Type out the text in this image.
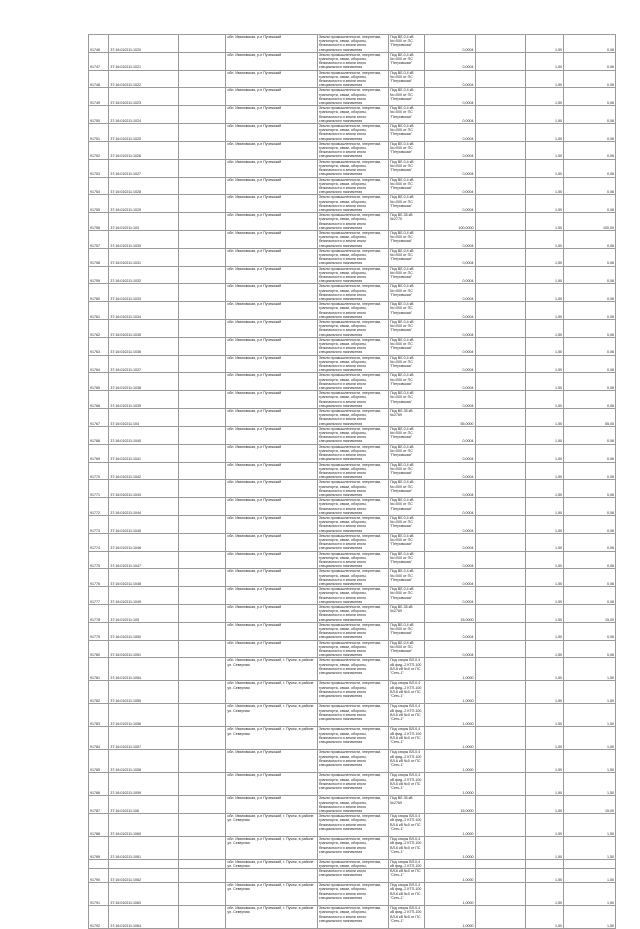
91746	37:16:010211:1020		обл. Ивановская, р-н Пучежский	Земли промышленности, энергетики, транспорта, связи, обороны, безопасности и земли иного специального назначения	Под ВЛ-0,4 кВ №=000 от ПС "Петровская"	0,0004		1,50	0,06
91747	37:16:010211:1021		обл. Ивановская, р-н Пучежский	Земли промышленности, энергетики, транспорта, связи, обороны, безопасности и земли иного специального назначения	Под ВЛ-0,4 кВ №=000 от ПС "Петровская"	0,0004		1,50	0,06
91748	37:16:010211:1022		обл. Ивановская, р-н Пучежский	Земли промышленности, энергетики, транспорта, связи, обороны, безопасности и земли иного специального назначения	Под ВЛ-0,4 кВ №=000 от ПС "Петровская"	0,0004		1,50	0,06
91749	37:16:010211:1023		обл. Ивановская, р-н Пучежский	Земли промышленности, энергетики, транспорта, связи, обороны, безопасности и земли иного специального назначения	Под ВЛ-0,4 кВ №=000 от ПС "Петровская"	0,0004		1,50	0,06
91750	37:16:010211:1024		обл. Ивановская, р-н Пучежский	Земли промышленности, энергетики, транспорта, связи, обороны, безопасности и земли иного специального назначения	Под ВЛ-0,4 кВ №=000 от ПС "Петровская"	0,0004		1,50	0,06
91751	37:16:010211:1025		обл. Ивановская, р-н Пучежский	Земли промышленности, энергетики, транспорта, связи, обороны, безопасности и земли иного специального назначения	Под ВЛ-0,4 кВ №=000 от ПС "Петровская"	0,0004		1,50	0,06
91752	37:16:010211:1026		обл. Ивановская, р-н Пучежский	Земли промышленности, энергетики, транспорта, связи, обороны, безопасности и земли иного специального назначения	Под ВЛ-0,4 кВ №=000 от ПС "Петровская"	0,0004		1,50	0,06
91753	37:16:010211:1027		обл. Ивановская, р-н Пучежский	Земли промышленности, энергетики, транспорта, связи, обороны, безопасности и земли иного специального назначения	Под ВЛ-0,4 кВ №=000 от ПС "Петровская"	0,0004		1,50	0,06
91754	37:16:010211:1028		обл. Ивановская, р-н Пучежский	Земли промышленности, энергетики, транспорта, связи, обороны, безопасности и земли иного специального назначения	Под ВЛ-0,4 кВ №=000 от ПС "Петровская"	0,0004		1,50	0,06
91755	37:16:010211:1029		обл. Ивановская, р-н Пучежский	Земли промышленности, энергетики, транспорта, связи, обороны, безопасности и земли иного специального назначения	Под ВЛ-0,4 кВ №=000 от ПС "Петровская"	0,0004		1,50	0,06
91756	37:16:010211:103		обл. Ивановская, р-н Пучежский	Земли промышленности, энергетики, транспорта, связи, обороны, безопасности и земли иного специального назначения	Под ВЛ-35 кВ №2770	100,0000		1,50	100,00
91757	37:16:010211:1030		обл. Ивановская, р-н Пучежский	Земли промышленности, энергетики, транспорта, связи, обороны, безопасности и земли иного специального назначения	Под ВЛ-0,4 кВ №=000 от ПС "Петровская"	0,0004		1,50	0,06
91758	37:16:010211:1031		обл. Ивановская, р-н Пучежский	Земли промышленности, энергетики, транспорта, связи, обороны, безопасности и земли иного специального назначения	Под ВЛ-0,4 кВ №=000 от ПС "Петровская"	0,0004		1,50	0,06
91759	37:16:010211:1032		обл. Ивановская, р-н Пучежский	Земли промышленности, энергетики, транспорта, связи, обороны, безопасности и земли иного специального назначения	Под ВЛ-0,4 кВ №=000 от ПС "Петровская"	0,0004		1,50	0,06
91760	37:16:010211:1033		обл. Ивановская, р-н Пучежский	Земли промышленности, энергетики, транспорта, связи, обороны, безопасности и земли иного специального назначения	Под ВЛ-0,4 кВ №=000 от ПС "Петровская"	0,0004		1,50	0,06
91761	37:16:010211:1034		обл. Ивановская, р-н Пучежский	Земли промышленности, энергетики, транспорта, связи, обороны, безопасности и земли иного специального назначения	Под ВЛ-0,4 кВ №=000 от ПС "Петровская"	0,0004		1,50	0,06
91762	37:16:010211:1035		обл. Ивановская, р-н Пучежский	Земли промышленности, энергетики, транспорта, связи, обороны, безопасности и земли иного специального назначения	Под ВЛ-0,4 кВ №=000 от ПС "Петровская"	0,0004		1,50	0,06
91763	37:16:010211:1036		обл. Ивановская, р-н Пучежский	Земли промышленности, энергетики, транспорта, связи, обороны, безопасности и земли иного специального назначения	Под ВЛ-0,4 кВ №=000 от ПС "Петровская"	0,0004		1,50	0,06
91764	37:16:010211:1037		обл. Ивановская, р-н Пучежский	Земли промышленности, энергетики, транспорта, связи, обороны, безопасности и земли иного специального назначения	Под ВЛ-0,4 кВ №=000 от ПС "Петровская"	0,0004		1,50	0,06
91765	37:16:010211:1038		обл. Ивановская, р-н Пучежский	Земли промышленности, энергетики, транспорта, связи, обороны, безопасности и земли иного специального назначения	Под ВЛ-0,4 кВ №=000 от ПС "Петровская"	0,0004		1,50	0,06
91766	37:16:010211:1039		обл. Ивановская, р-н Пучежский	Земли промышленности, энергетики, транспорта, связи, обороны, безопасности и земли иного специального назначения	Под ВЛ-0,4 кВ №=000 от ПС "Петровская"	0,0004		1,50	0,06
91767	37:16:010211:104		обл. Ивановская, р-н Пучежский	Земли промышленности, энергетики, транспорта, связи, обороны, безопасности и земли иного специального назначения	Под ВЛ-35 кВ №2769	55,0000		1,50	55,00
91768	37:16:010211:1040		обл. Ивановская, р-н Пучежский	Земли промышленности, энергетики, транспорта, связи, обороны, безопасности и земли иного специального назначения	Под ВЛ-0,4 кВ №=000 от ПС "Петровская"	0,0004		1,50	0,06
91769	37:16:010211:1041		обл. Ивановская, р-н Пучежский	Земли промышленности, энергетики, транспорта, связи, обороны, безопасности и земли иного специального назначения	Под ВЛ-0,4 кВ №=000 от ПС "Петровская"	0,0004		1,50	0,06
91770	37:16:010211:1042		обл. Ивановская, р-н Пучежский	Земли промышленности, энергетики, транспорта, связи, обороны, безопасности и земли иного специального назначения	Под ВЛ-0,4 кВ №=000 от ПС "Петровская"	0,0004		1,50	0,06
91771	37:16:010211:1043		обл. Ивановская, р-н Пучежский	Земли промышленности, энергетики, транспорта, связи, обороны, безопасности и земли иного специального назначения	Под ВЛ-0,4 кВ №=000 от ПС "Петровская"	0,0004		1,50	0,06
91772	37:16:010211:1044		обл. Ивановская, р-н Пучежский	Земли промышленности, энергетики, транспорта, связи, обороны, безопасности и земли иного специального назначения	Под ВЛ-0,4 кВ №=000 от ПС "Петровская"	0,0004		1,50	0,06
91773	37:16:010211:1045		обл. Ивановская, р-н Пучежский	Земли промышленности, энергетики, транспорта, связи, обороны, безопасности и земли иного специального назначения	Под ВЛ-0,4 кВ №=000 от ПС "Петровская"	0,0004		1,50	0,06
91774	37:16:010211:1046		обл. Ивановская, р-н Пучежский	Земли промышленности, энергетики, транспорта, связи, обороны, безопасности и земли иного специального назначения	Под ВЛ-0,4 кВ №=000 от ПС "Петровская"	0,0004		1,50	0,06
91775	37:16:010211:1047		обл. Ивановская, р-н Пучежский	Земли промышленности, энергетики, транспорта, связи, обороны, безопасности и земли иного специального назначения	Под ВЛ-0,4 кВ №=000 от ПС "Петровская"	0,0004		1,50	0,06
91776	37:16:010211:1048		обл. Ивановская, р-н Пучежский	Земли промышленности, энергетики, транспорта, связи, обороны, безопасности и земли иного специального назначения	Под ВЛ-0,4 кВ №=000 от ПС "Петровская"	0,0004		1,50	0,06
91777	37:16:010211:1049		обл. Ивановская, р-н Пучежский	Земли промышленности, энергетики, транспорта, связи, обороны, безопасности и земли иного специального назначения	Под ВЛ-0,4 кВ №=000 от ПС "Петровская"	0,0004		1,50	0,06
91778	37:16:010211:105		обл. Ивановская, р-н Пучежский	Земли промышленности, энергетики, транспорта, связи, обороны, безопасности и земли иного специального назначения	Под ВЛ-35 кВ №2769	15,0000		1,50	15,00
91779	37:16:010211:1050		обл. Ивановская, р-н Пучежский	Земли промышленности, энергетики, транспорта, связи, обороны, безопасности и земли иного специального назначения	Под ВЛ-0,4 кВ №=000 от ПС "Петровская"	0,0004		1,50	0,06
91780	37:16:010211:1051		обл. Ивановская, р-н Пучежский	Земли промышленности, энергетики, транспорта, связи, обороны, безопасности и земли иного специального назначения	Под ВЛ-0,4 кВ №=000 от ПС "Петровская"	0,0004		1,50	0,06
91781	37:16:010211:1054		обл. Ивановская, р-н Пучежский, г. Пучеж, в районе ул. Северная	Земли промышленности, энергетики, транспорта, связи, обороны, безопасности и земли иного специального назначения	Под опоры ВЛ-0,4 кВ фид.-2 КТП-100 ВЛ-6 кВ №0 от ПС "Сеть-1"	1,0000		1,50	1,50
91782	37:16:010211:1055		обл. Ивановская, р-н Пучежский, г. Пучеж, в районе ул. Северная	Земли промышленности, энергетики, транспорта, связи, обороны, безопасности и земли иного специального назначения	Под опоры ВЛ-0,4 кВ фид.-2 КТП-100 ВЛ-6 кВ №0 от ПС "Сеть-1"	1,0000		1,50	1,50
91783	37:16:010211:1056		обл. Ивановская, р-н Пучежский, г. Пучеж, в районе ул. Северная	Земли промышленности, энергетики, транспорта, связи, обороны, безопасности и земли иного специального назначения	Под опоры ВЛ-0,4 кВ фид.-2 КТП-100 ВЛ-6 кВ №0 от ПС "Сеть-1"	1,0000		1,50	1,50
91784	37:16:010211:1057		обл. Ивановская, р-н Пучежский, г. Пучеж, в районе ул. Северная	Земли промышленности, энергетики, транспорта, связи, обороны, безопасности и земли иного специального назначения	Под опоры ВЛ-0,4 кВ фид.-2 КТП-100 ВЛ-6 кВ №0 от ПС "Сеть-1"	1,0000		1,50	1,50
91785	37:16:010211:1058		обл. Ивановская, р-н Пучежский	Земли промышленности, энергетики, транспорта, связи, обороны, безопасности и земли иного специального назначения	Под опоры ВЛ-0,4 кВ фид.-2 КТП-100 ВЛ-6 кВ №0 от ПС "Сеть-1"	1,0000		1,50	1,50
91786	37:16:010211:1059		обл. Ивановская, р-н Пучежский	Земли промышленности, энергетики, транспорта, связи, обороны, безопасности и земли иного специального назначения	Под опоры ВЛ-0,4 кВ фид.-2 КТП-100 ВЛ-6 кВ №0 от ПС "Сеть-1"	1,0000		1,50	1,50
91787	37:16:010211:106		обл. Ивановская, р-н Пучежский	Земли промышленности, энергетики, транспорта, связи, обороны, безопасности и земли иного специального назначения	Под ВЛ-35 кВ №2769	15,0000		1,50	15,00
91788	37:16:010211:1060		обл. Ивановская, р-н Пучежский, г. Пучеж, в районе ул. Северная	Земли промышленности, энергетики, транспорта, связи, обороны, безопасности и земли иного специального назначения	Под опоры ВЛ-0,4 кВ фид.-2 КТП-100 ВЛ-6 кВ №0 от ПС "Сеть-1"	1,0000		1,50	1,50
91789	37:16:010211:1061		обл. Ивановская, р-н Пучежский, г. Пучеж, в районе ул. Северная	Земли промышленности, энергетики, транспорта, связи, обороны, безопасности и земли иного специального назначения	Под опоры ВЛ-0,4 кВ фид.-2 КТП-100 ВЛ-6 кВ №0 от ПС "Сеть-1"	1,0000		1,50	1,50
91790	37:16:010211:1062		обл. Ивановская, р-н Пучежский, г. Пучеж, в районе ул. Северная	Земли промышленности, энергетики, транспорта, связи, обороны, безопасности и земли иного специального назначения	Под опоры ВЛ-0,4 кВ фид.-2 КТП-100 ВЛ-6 кВ №0 от ПС "Сеть-1"	1,0000		1,50	1,50
91791	37:16:010211:1063		обл. Ивановская, р-н Пучежский, г. Пучеж, в районе ул. Северная	Земли промышленности, энергетики, транспорта, связи, обороны, безопасности и земли иного специального назначения	Под опоры ВЛ-0,4 кВ фид.-2 КТП-100 ВЛ-6 кВ №0 от ПС "Сеть-1"	1,0000		1,50	1,50
91792	37:16:010211:1064		обл. Ивановская, р-н Пучежский, г. Пучеж, в районе ул. Северная	Земли промышленности, энергетики, транспорта, связи, обороны, безопасности и земли иного специального назначения	Под опоры ВЛ-0,4 кВ фид.-2 КТП-100 ВЛ-6 кВ №0 от ПС "Сеть-1"	1,0000		1,50	1,50
